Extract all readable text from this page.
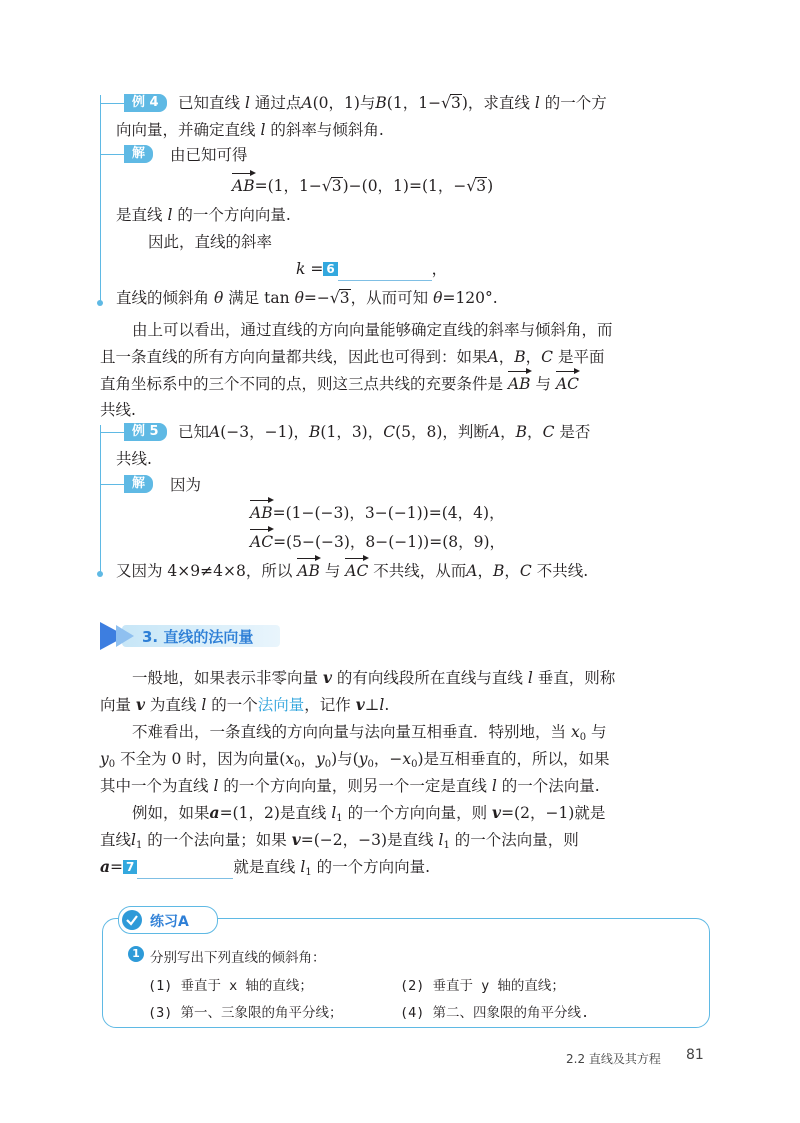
例 4	已知直线 l 通过点A(0，1)与B(1，1−√3)，求直线 l 的一个方
向向量，并确定直线 l 的斜率与倾斜角.
解	由已知可得
AB=(1，1−√3)−(0，1)=(1，−√3)
是直线 l 的一个方向向量.
因此，直线的斜率
k = 6	，
直线的倾斜角 θ 满足 tan θ=−√3，从而可知 θ=120°.
由上可以看出，通过直线的方向向量能够确定直线的斜率与倾斜角，而
且一条直线的所有方向向量都共线，因此也可得到：如果A，B，C 是平面
直角坐标系中的三个不同的点，则这三点共线的充要条件是 AB 与 AC
共线.
例 5	已知A(−3，−1)，B(1，3)，C(5，8)，判断A，B，C 是否
共线.
解	因为
AB=(1−(−3)，3−(−1))=(4，4)，
AC=(5−(−3)，8−(−1))=(8，9)，
又因为 4×9≠4×8，所以 AB 与 AC 不共线，从而A，B，C 不共线.
3. 直线的法向量
一般地，如果表示非零向量 v 的有向线段所在直线与直线 l 垂直，则称
向量 v 为直线 l 的一个法向量，记作 v⊥l.
不难看出，一条直线的方向向量与法向量互相垂直．特别地，当 $x_0$ 与
$y_0$ 不全为 0 时，因为向量($x_0$，$y_0$)与($y_0$，$-x_0$)是互相垂直的，所以，如果
其中一个为直线 l 的一个方向向量，则另一个一定是直线 l 的一个法向量.
例如，如果a=(1，2)是直线 $l_1$ 的一个方向向量，则 v=(2，−1)就是
直线$l_1$ 的一个法向量；如果 v=(−2，−3)是直线 $l_1$ 的一个法向量，则
a= 7	就是直线 $l_1$ 的一个方向向量.
练习A
1 分别写出下列直线的倾斜角：
(1) 垂直于 x 轴的直线；	(2) 垂直于 y 轴的直线；
(3) 第一、三象限的角平分线；	(4) 第二、四象限的角平分线.
2.2 直线及其方程 81
